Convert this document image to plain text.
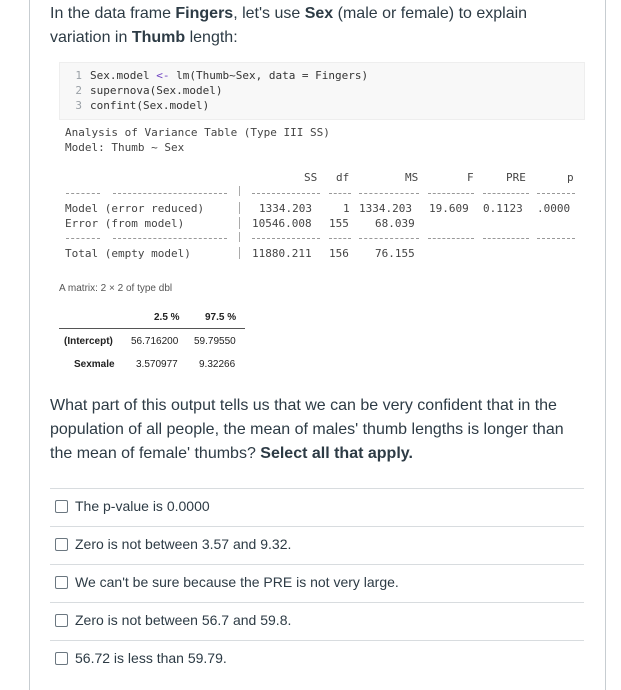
In the data frame Fingers, let's use Sex (male or female) to explain variation in Thumb length:
1 Sex.model <- lm(Thumb~Sex, data = Fingers)
2 supernova(Sex.model)
3 confint(Sex.model)
Analysis of Variance Table (Type III SS)
Model: Thumb ~ Sex
SS df	MS	F	PRE	p
Model (error reduced)	1334.203	1 1334.203 19.609 0.1123 .0000
Error (from model)	10546.008 155 68.039
Total (empty model)	11880.211 156 76.155
A matrix: 2 × 2 of type dbl
2.5 %	97.5 %
(Intercept) 56.716200 59.79550
Sexmale 3.570977 9.32266
What part of this output tells us that we can be very confident that in the population of all people, the mean of males' thumb lengths is longer than the mean of female' thumbs? Select all that apply.
The p-value is 0.0000
Zero is not between 3.57 and 9.32.
We can't be sure because the PRE is not very large.
Zero is not between 56.7 and 59.8.
56.72 is less than 59.79.
